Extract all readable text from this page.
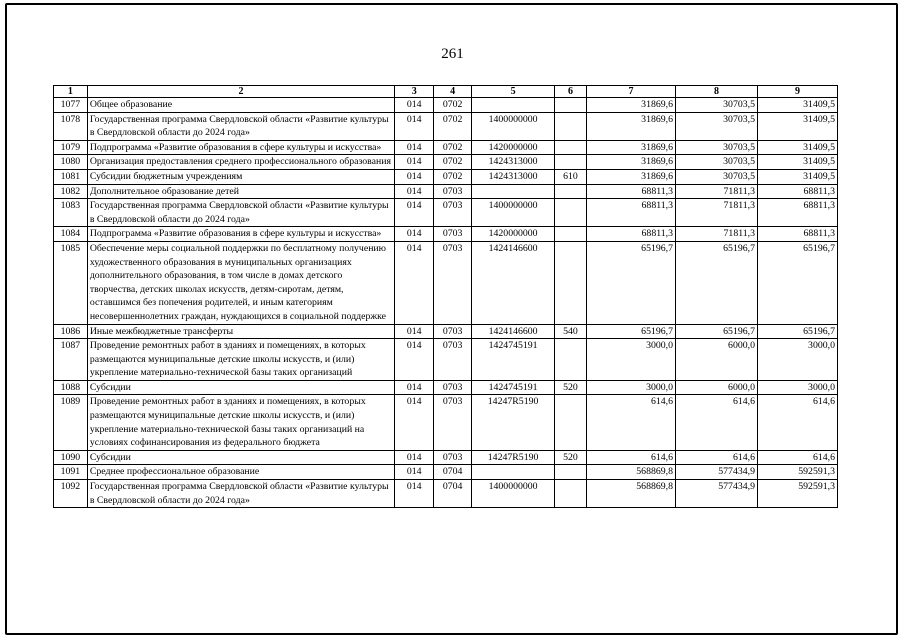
261
1	2	3	4	5	6	7	8	9
1077	Общее образование	014	0702			31869,6	30703,5	31409,5
1078	Государственная программа Свердловской области «Развитие культуры в Свердловской области до 2024 года»	014	0702	1400000000		31869,6	30703,5	31409,5
1079	Подпрограмма «Развитие образования в сфере культуры и искусства»	014	0702	1420000000		31869,6	30703,5	31409,5
1080	Организация предоставления среднего профессионального образования	014	0702	1424313000		31869,6	30703,5	31409,5
1081	Субсидии бюджетным учреждениям	014	0702	1424313000	610	31869,6	30703,5	31409,5
1082	Дополнительное образование детей	014	0703			68811,3	71811,3	68811,3
1083	Государственная программа Свердловской области «Развитие культуры в Свердловской области до 2024 года»	014	0703	1400000000		68811,3	71811,3	68811,3
1084	Подпрограмма «Развитие образования в сфере культуры и искусства»	014	0703	1420000000		68811,3	71811,3	68811,3
1085	Обеспечение меры социальной поддержки по бесплатному получению художественного образования в муниципальных организациях дополнительного образования, в том числе в домах детского творчества, детских школах искусств, детям-сиротам, детям, оставшимся без попечения родителей, и иным категориям несовершеннолетних граждан, нуждающихся в социальной поддержке	014	0703	1424146600		65196,7	65196,7	65196,7
1086	Иные межбюджетные трансферты	014	0703	1424146600	540	65196,7	65196,7	65196,7
1087	Проведение ремонтных работ в зданиях и помещениях, в которых размещаются муниципальные детские школы искусств, и (или) укрепление материально-технической базы таких организаций	014	0703	1424745191		3000,0	6000,0	3000,0
1088	Субсидии	014	0703	1424745191	520	3000,0	6000,0	3000,0
1089	Проведение ремонтных работ в зданиях и помещениях, в которых размещаются муниципальные детские школы искусств, и (или) укрепление материально-технической базы таких организаций на условиях софинансирования из федерального бюджета	014	0703	14247R5190		614,6	614,6	614,6
1090	Субсидии	014	0703	14247R5190	520	614,6	614,6	614,6
1091	Среднее профессиональное образование	014	0704			568869,8	577434,9	592591,3
1092	Государственная программа Свердловской области «Развитие культуры в Свердловской области до 2024 года»	014	0704	1400000000		568869,8	577434,9	592591,3
